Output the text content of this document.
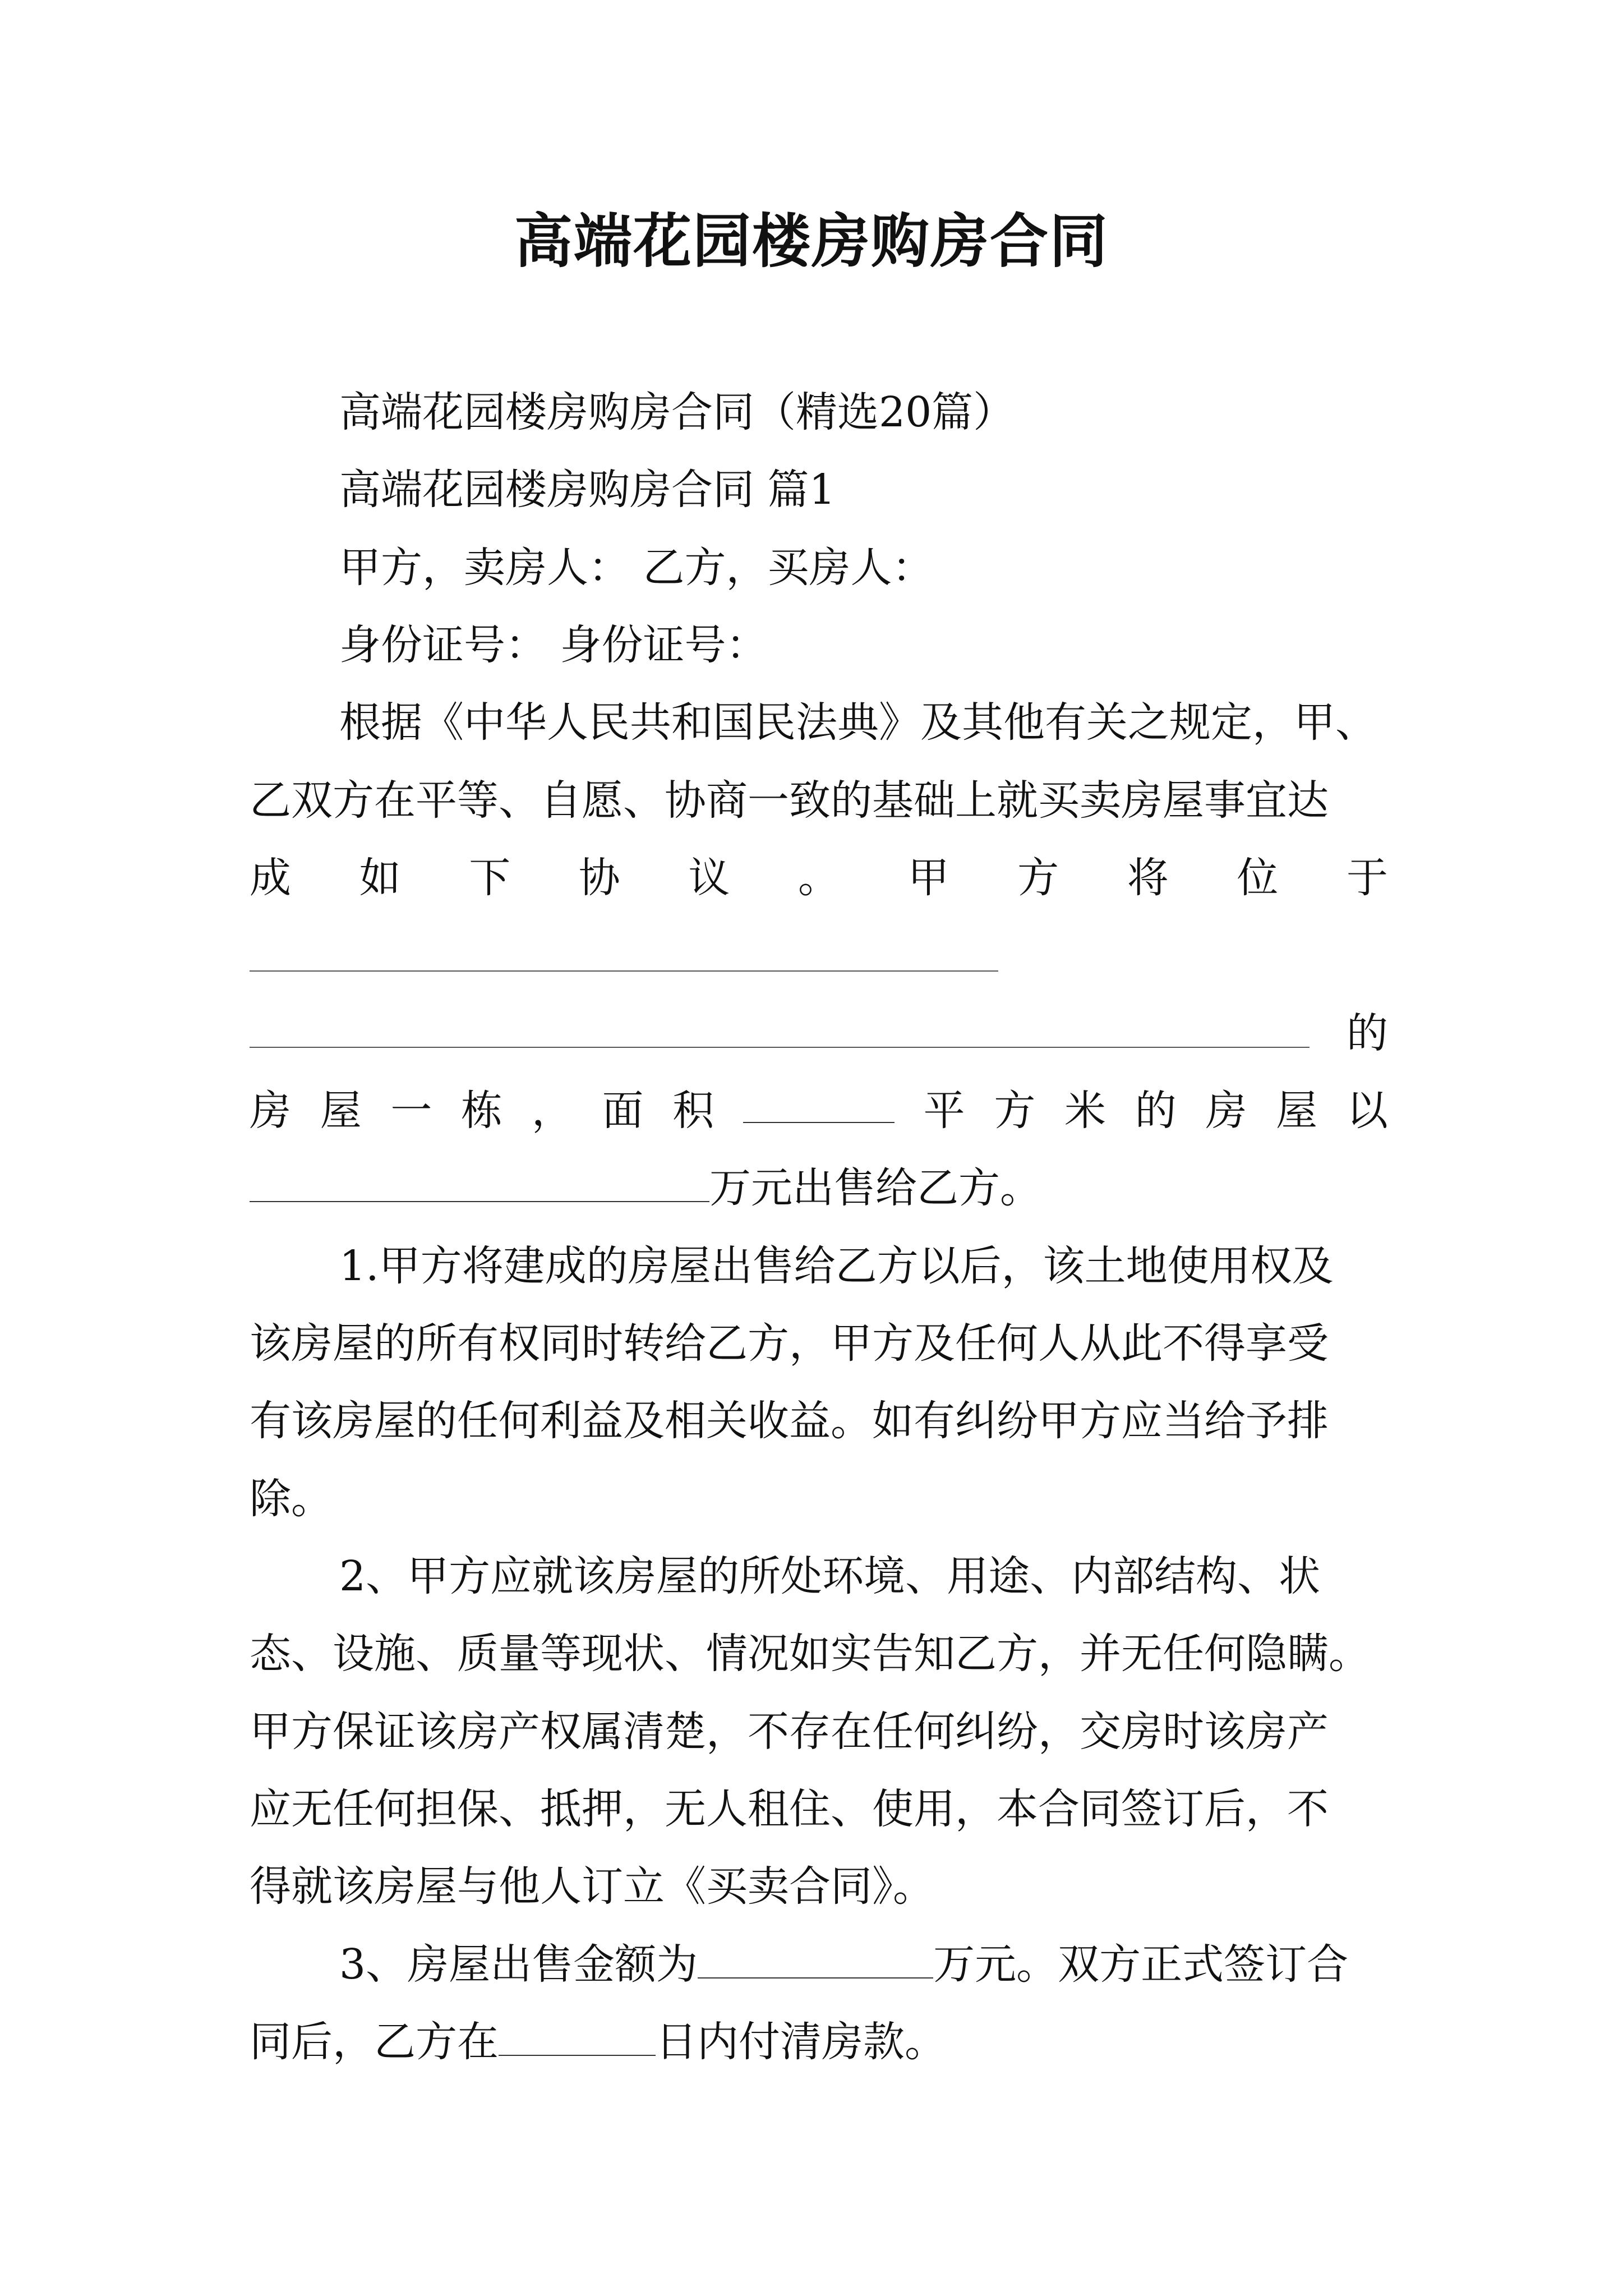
高端花园楼房购房合同
高端花园楼房购房合同（精选20篇）
高端花园楼房购房合同 篇1
甲方，卖房人： 乙方，买房人：
身份证号： 身份证号：
根据《中华人民共和国民法典》及其他有关之规定，甲、
乙双方在平等、自愿、协商一致的基础上就买卖房屋事宜达
成 如 下 协 议 。 甲 方 将 位 于
的
房 屋 一 栋 ， 面 积	平 方 米 的 房 屋 以
万元出售给乙方。
1.甲方将建成的房屋出售给乙方以后，该土地使用权及
该房屋的所有权同时转给乙方，甲方及任何人从此不得享受
有该房屋的任何利益及相关收益。如有纠纷甲方应当给予排
除。
2、甲方应就该房屋的所处环境、用途、内部结构、状
态、设施、质量等现状、情况如实告知乙方，并无任何隐瞒。
甲方保证该房产权属清楚，不存在任何纠纷，交房时该房产
应无任何担保、抵押，无人租住、使用，本合同签订后，不
得就该房屋与他人订立《买卖合同》。
3、房屋出售金额为	万元。双方正式签订合
同后，乙方在	日内付清房款。
